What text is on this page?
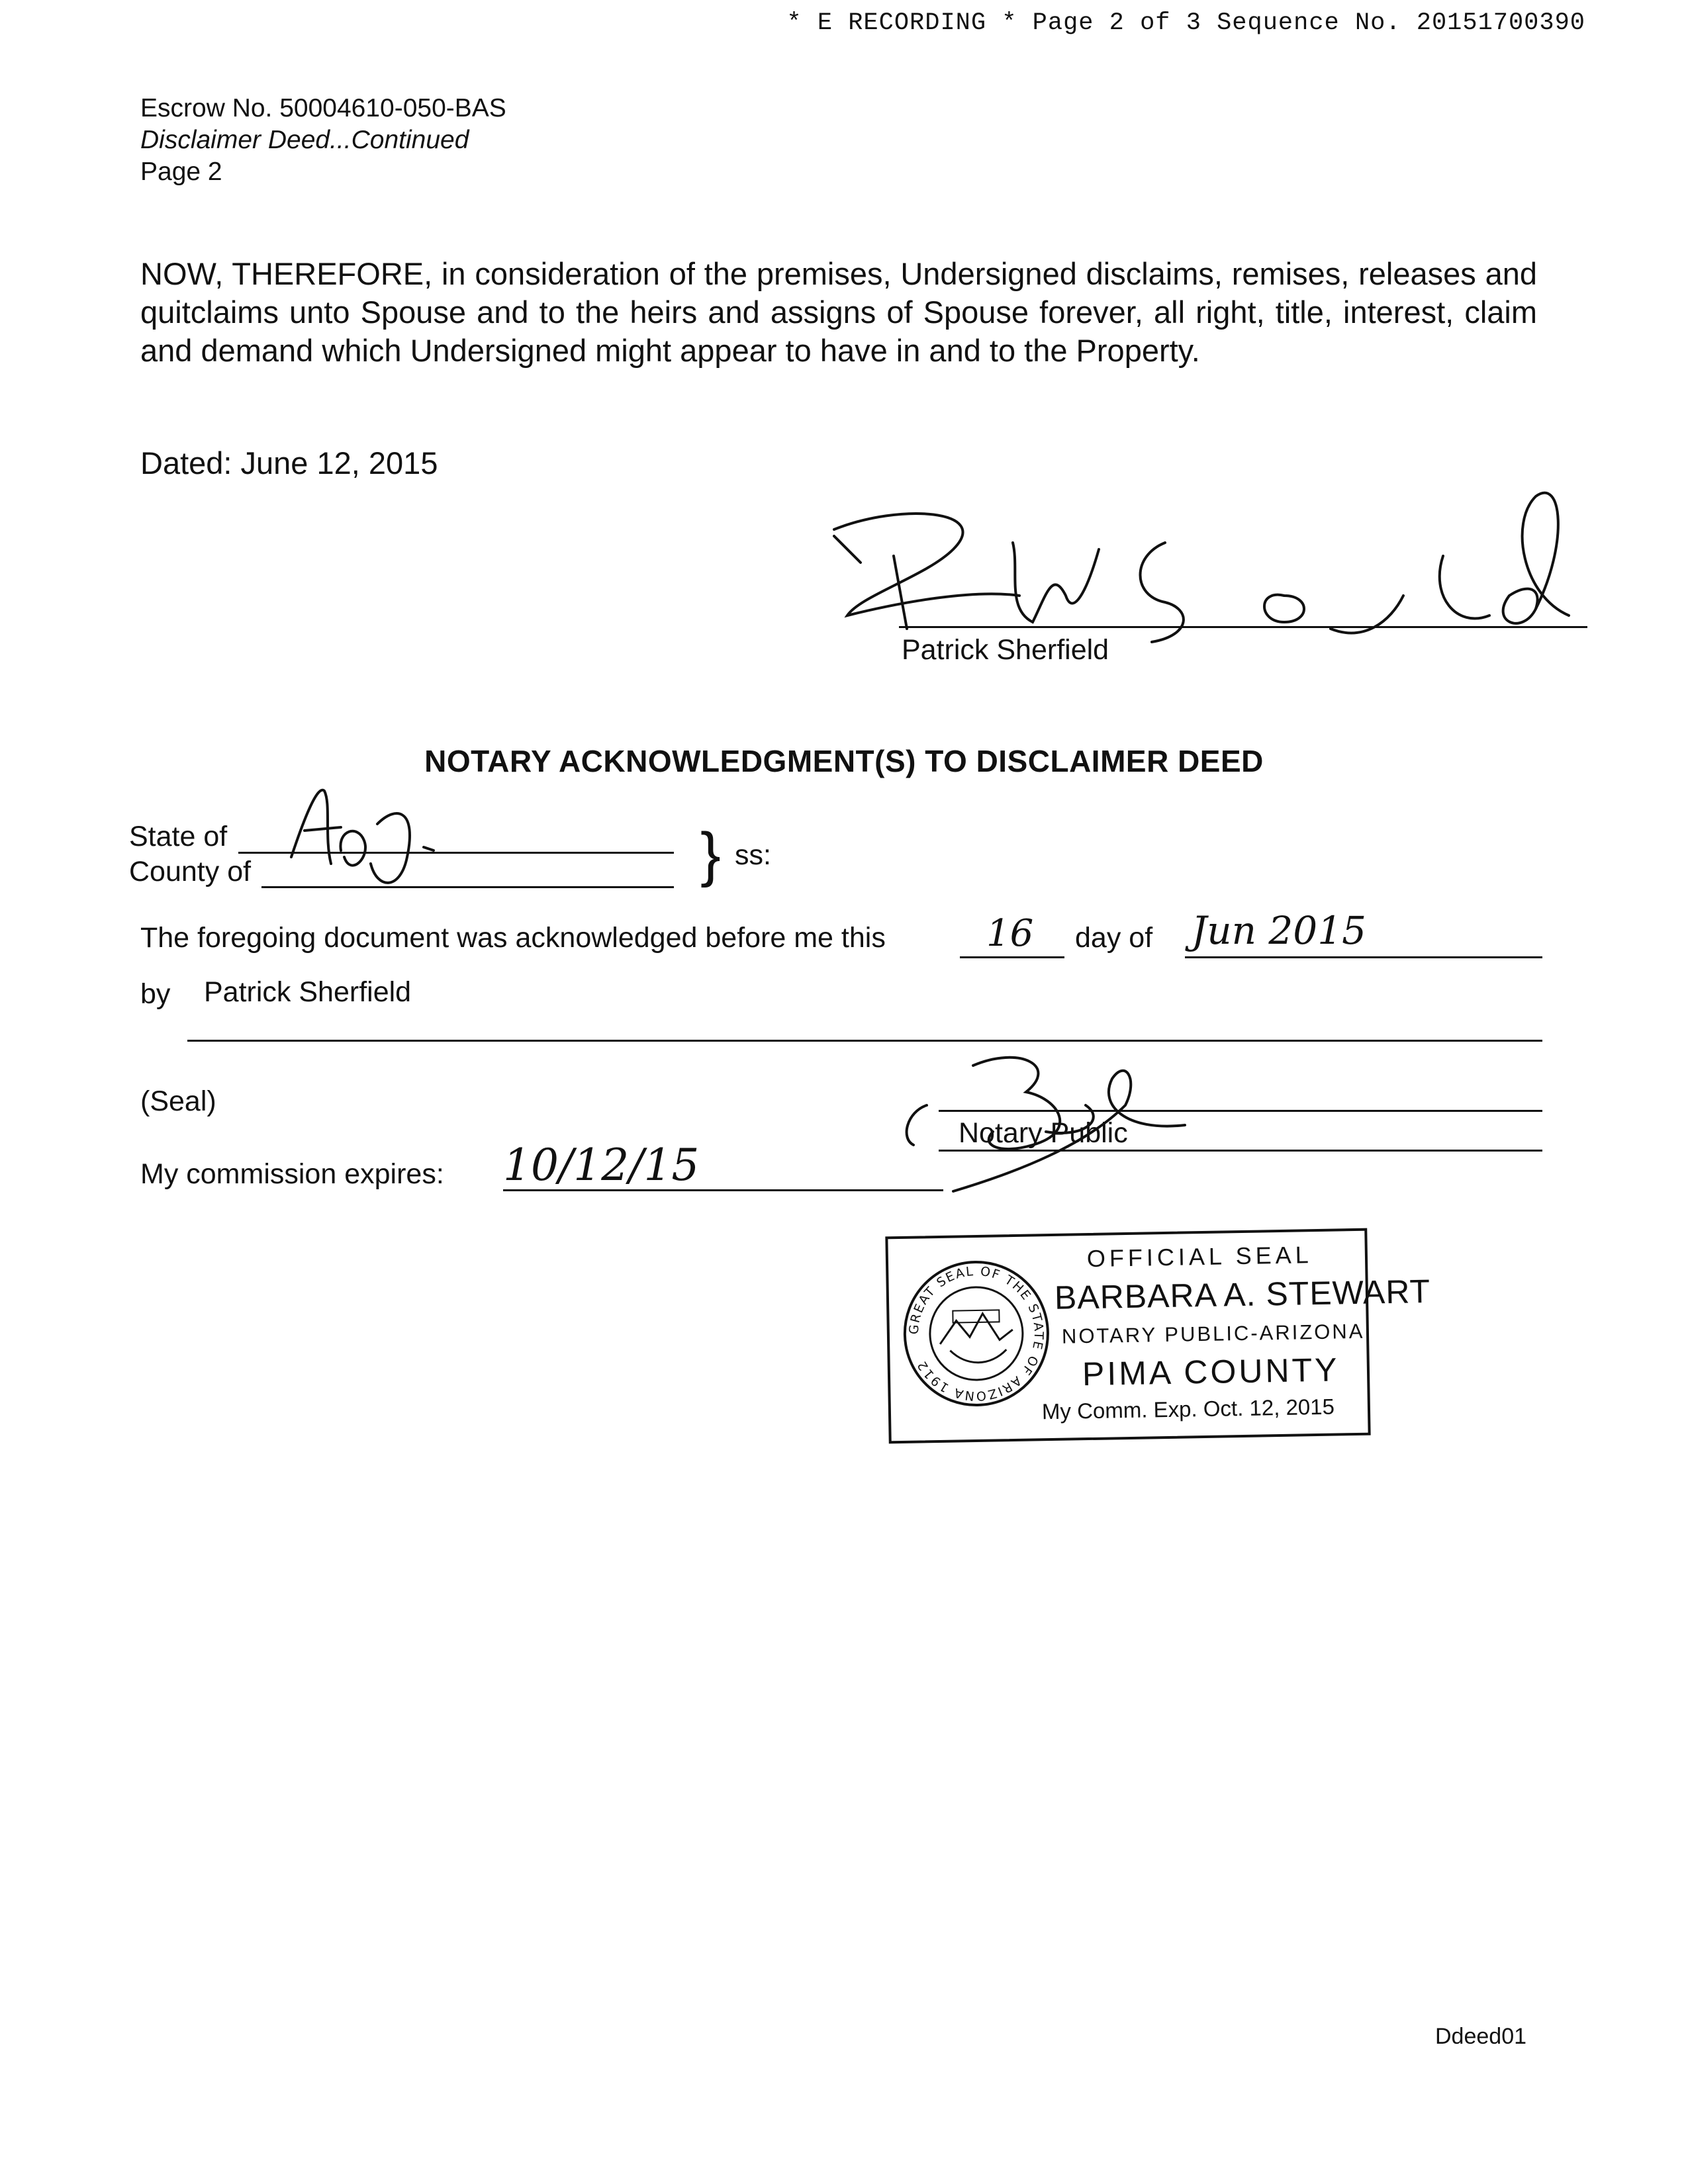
* E RECORDING * Page 2 of 3 Sequence No. 20151700390
Escrow No. 50004610-050-BAS
Disclaimer Deed...Continued
Page 2
NOW, THEREFORE, in consideration of the premises, Undersigned disclaims, remises, releases and quitclaims unto Spouse and to the heirs and assigns of Spouse forever, all right, title, interest, claim and demand which Undersigned might appear to have in and to the Property.
Dated: June 12, 2015
Patrick Sherfield
NOTARY ACKNOWLEDGMENT(S) TO DISCLAIMER DEED
State of
County of	} ss:
The foregoing document was acknowledged before me this	16 day of Jun 2015
by Patrick Sherfield
(Seal)
Notary Public
My commission expires: 10/12/15
GREAT SEAL OF THE STATE OF ARIZONA 1912
OFFICIAL SEAL
BARBARA A. STEWART
NOTARY PUBLIC-ARIZONA
PIMA COUNTY
My Comm. Exp. Oct. 12, 2015
Ddeed01
